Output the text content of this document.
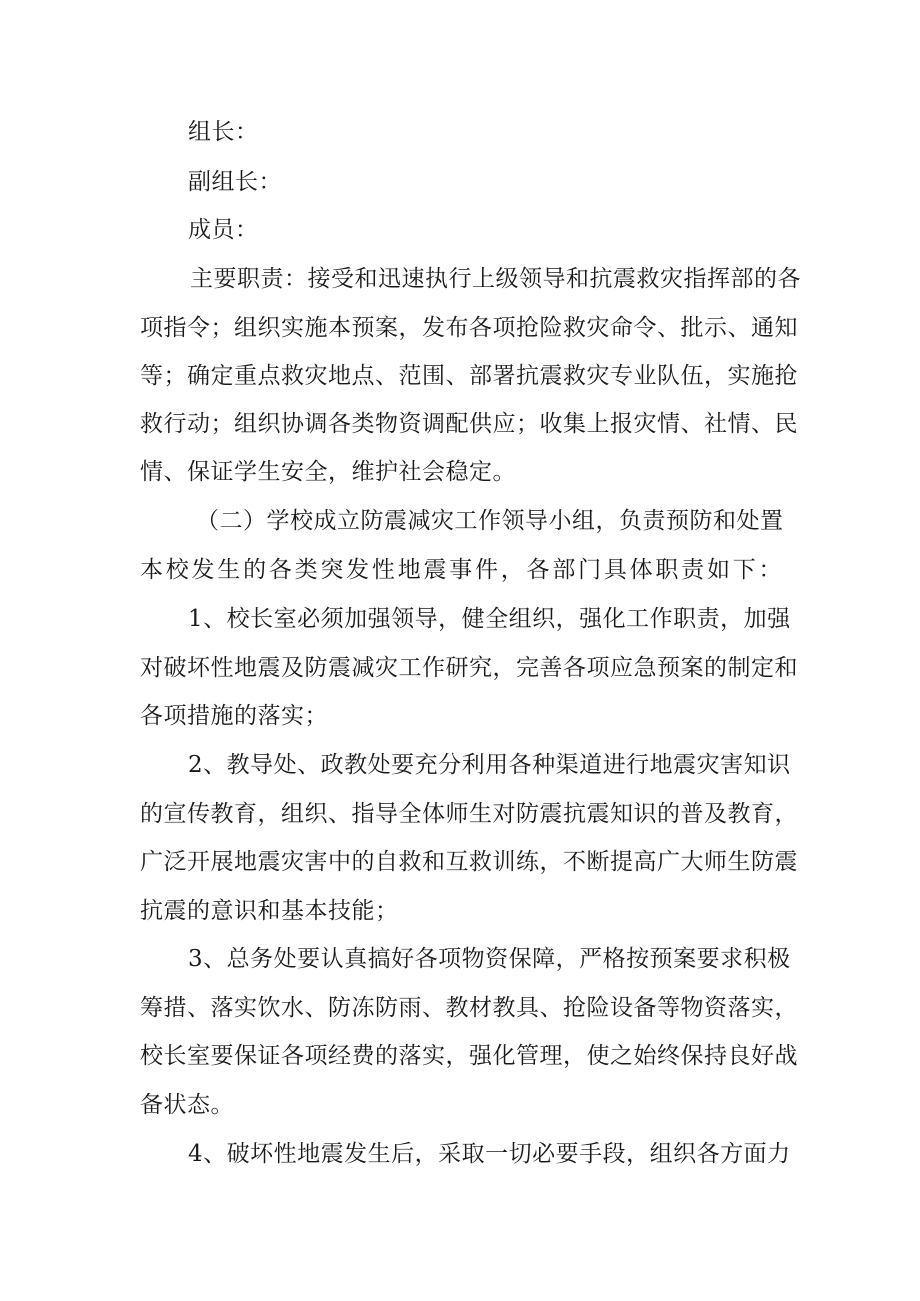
组长：
副组长：
成员：
主要职责：接受和迅速执行上级领导和抗震救灾指挥部的各
项指令；组织实施本预案，发布各项抢险救灾命令、批示、通知
等；确定重点救灾地点、范围、部署抗震救灾专业队伍，实施抢
救行动；组织协调各类物资调配供应；收集上报灾情、社情、民
情、保证学生安全，维护社会稳定。
（二）学校成立防震减灾工作领导小组，负责预防和处置
本校发生的各类突发性地震事件，各部门具体职责如下：
1、校长室必须加强领导，健全组织，强化工作职责，加强
对破坏性地震及防震减灾工作研究，完善各项应急预案的制定和
各项措施的落实；
2、教导处、政教处要充分利用各种渠道进行地震灾害知识
的宣传教育，组织、指导全体师生对防震抗震知识的普及教育，
广泛开展地震灾害中的自救和互救训练，不断提高广大师生防震
抗震的意识和基本技能；
3、总务处要认真搞好各项物资保障，严格按预案要求积极
筹措、落实饮水、防冻防雨、教材教具、抢险设备等物资落实，
校长室要保证各项经费的落实，强化管理，使之始终保持良好战
备状态。
4、破坏性地震发生后，采取一切必要手段，组织各方面力
